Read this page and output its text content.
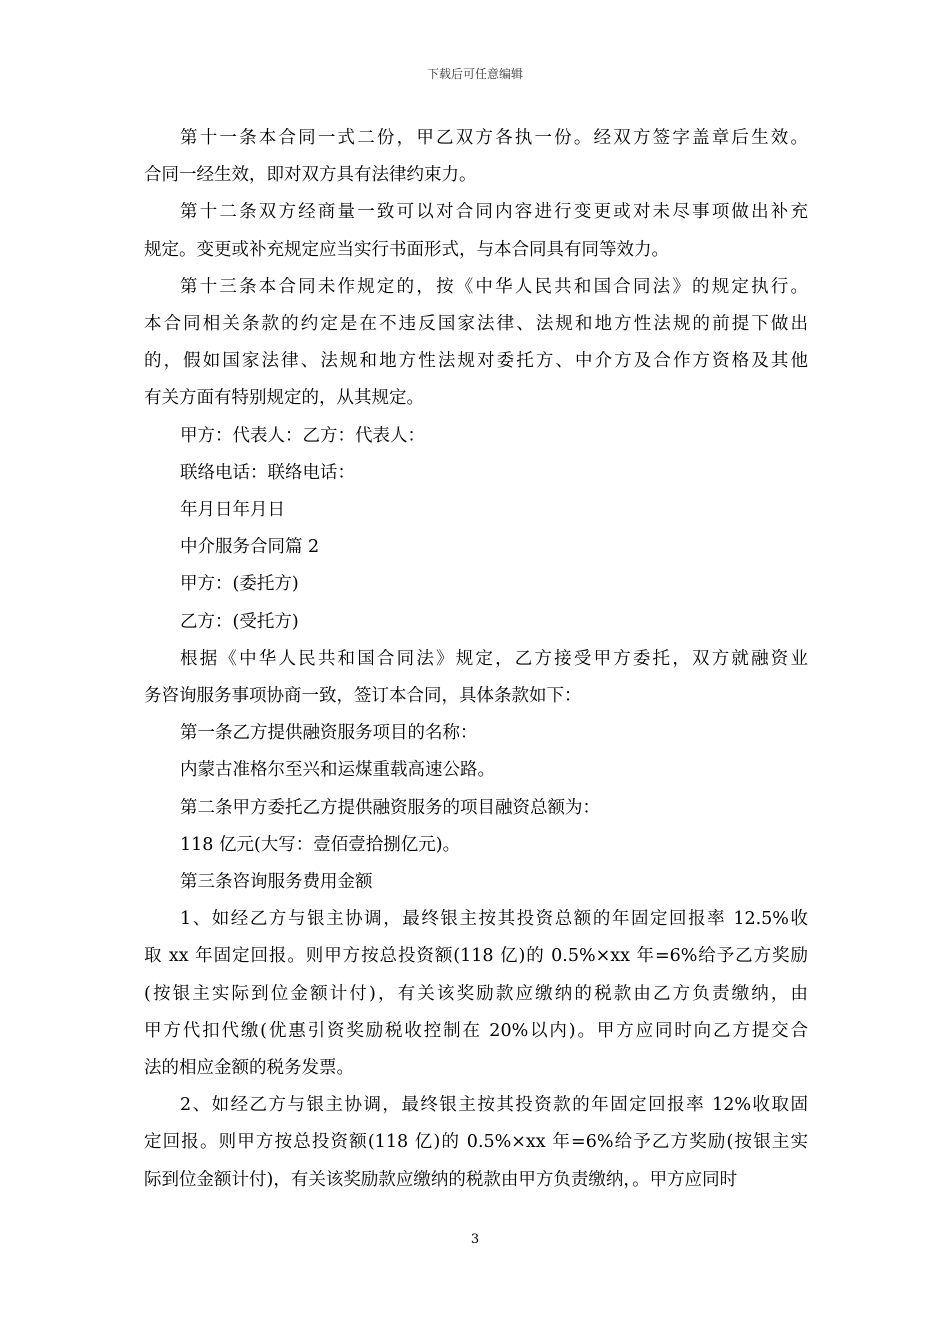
下载后可任意编辑
第十一条本合同一式二份，甲乙双方各执一份。经双方签字盖章后生效。
合同一经生效，即对双方具有法律约束力。
第十二条双方经商量一致可以对合同内容进行变更或对未尽事项做出补充
规定。变更或补充规定应当实行书面形式，与本合同具有同等效力。
第十三条本合同未作规定的，按《中华人民共和国合同法》的规定执行。
本合同相关条款的约定是在不违反国家法律、法规和地方性法规的前提下做出
的，假如国家法律、法规和地方性法规对委托方、中介方及合作方资格及其他
有关方面有特别规定的，从其规定。
甲方：代表人：乙方：代表人：
联络电话：联络电话：
年月日年月日
中介服务合同篇 2
甲方：(委托方)
乙方：(受托方)
根据《中华人民共和国合同法》规定，乙方接受甲方委托，双方就融资业
务咨询服务事项协商一致，签订本合同，具体条款如下：
第一条乙方提供融资服务项目的名称：
内蒙古准格尔至兴和运煤重载高速公路。
第二条甲方委托乙方提供融资服务的项目融资总额为：
118 亿元(大写：壹佰壹拾捌亿元)。
第三条咨询服务费用金额
1、如经乙方与银主协调，最终银主按其投资总额的年固定回报率 12.5%收
取 xx 年固定回报。则甲方按总投资额(118 亿)的 0.5%×xx 年=6%给予乙方奖励
(按银主实际到位金额计付)，有关该奖励款应缴纳的税款由乙方负责缴纳，由
甲方代扣代缴(优惠引资奖励税收控制在 20%以内)。甲方应同时向乙方提交合
法的相应金额的税务发票。
2、如经乙方与银主协调，最终银主按其投资款的年固定回报率 12%收取固
定回报。则甲方按总投资额(118 亿)的 0.5%×xx 年=6%给予乙方奖励(按银主实
际到位金额计付)，有关该奖励款应缴纳的税款由甲方负责缴纳，。甲方应同时
3
